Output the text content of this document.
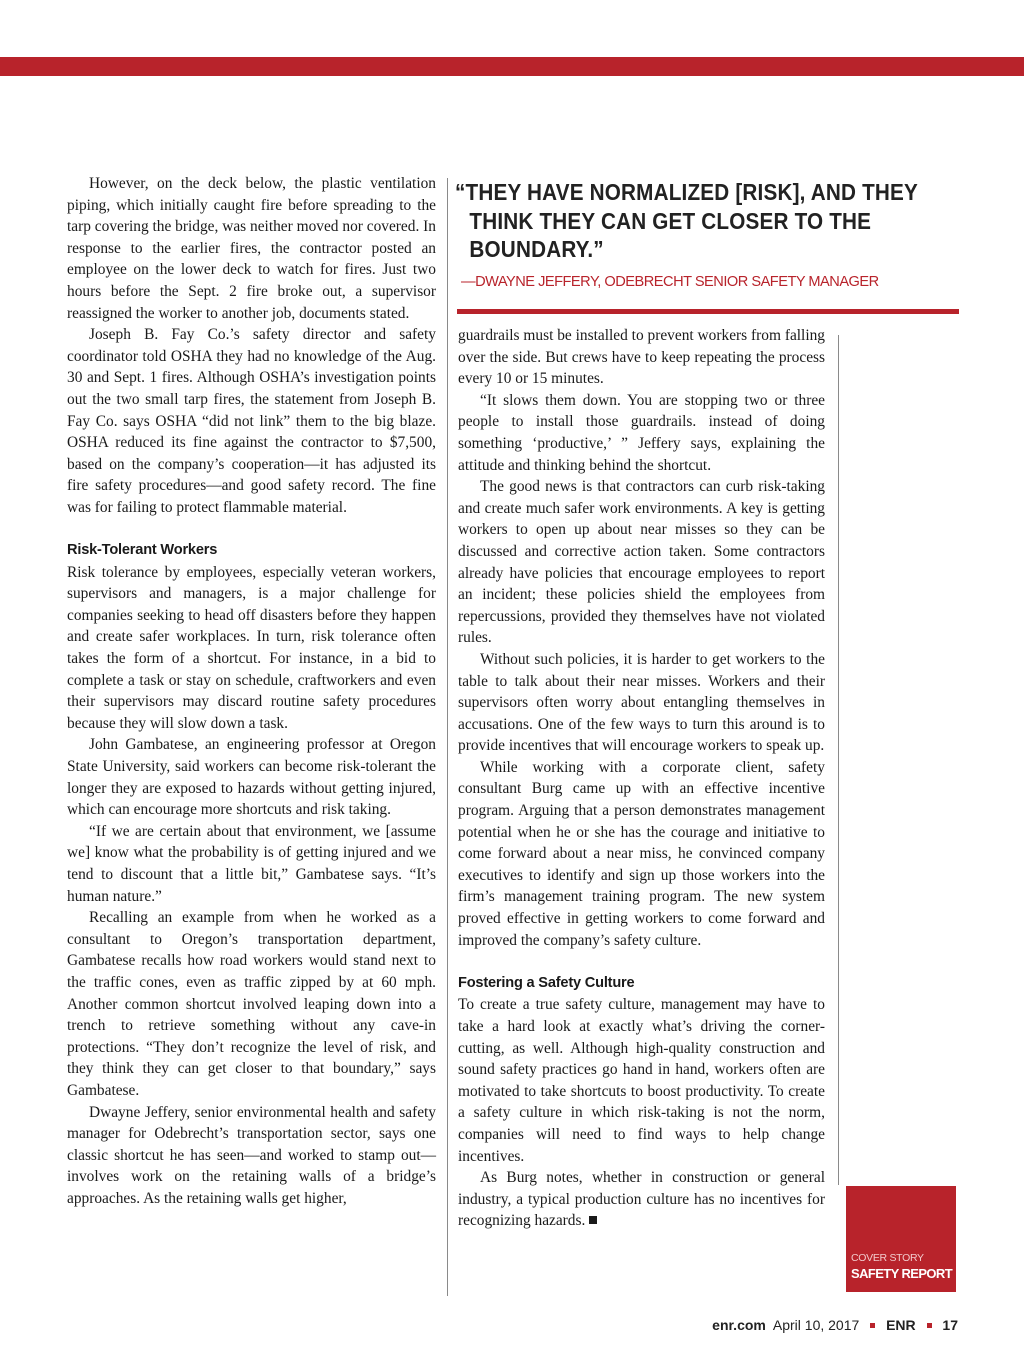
However, on the deck below, the plastic ventilation piping, which initially caught fire before spreading to the tarp covering the bridge, was neither moved nor covered. In response to the earlier fires, the contractor posted an employee on the lower deck to watch for fires. Just two hours before the Sept. 2 fire broke out, a supervisor reassigned the worker to another job, documents stated.

Joseph B. Fay Co.’s safety director and safety coordinator told OSHA they had no knowledge of the Aug. 30 and Sept. 1 fires. Although OSHA’s investigation points out the two small tarp fires, the statement from Joseph B. Fay Co. says OSHA “did not link” them to the big blaze. OSHA reduced its fine against the contractor to $7,500, based on the company’s cooperation—it has adjusted its fire safety procedures—and good safety record. The fine was for failing to protect flammable material.

Risk-Tolerant Workers

Risk tolerance by employees, especially veteran workers, supervisors and managers, is a major challenge for companies seeking to head off disasters before they happen and create safer workplaces. In turn, risk tolerance often takes the form of a shortcut. For instance, in a bid to complete a task or stay on schedule, craftworkers and even their supervisors may discard routine safety procedures because they will slow down a task.

John Gambatese, an engineering professor at Oregon State University, said workers can become risk-tolerant the longer they are exposed to hazards without getting injured, which can encourage more shortcuts and risk taking.

“If we are certain about that environment, we [assume we] know what the probability is of getting injured and we tend to discount that a little bit,” Gambatese says. “It’s human nature.”

Recalling an example from when he worked as a consultant to Oregon’s transportation department, Gambatese recalls how road workers would stand next to the traffic cones, even as traffic zipped by at 60 mph. Another common shortcut involved leaping down into a trench to retrieve something without any cave-in protections. “They don’t recognize the level of risk, and they think they can get closer to that boundary,” says Gambatese.

Dwayne Jeffery, senior environmental health and safety manager for Odebrecht’s transportation sector, says one classic shortcut he has seen—and worked to stamp out—involves work on the retaining walls of a bridge’s approaches. As the retaining walls get higher,

“THEY HAVE NORMALIZED [RISK], AND THEY THINK THEY CAN GET CLOSER TO THE BOUNDARY.”
—DWAYNE JEFFERY, ODEBRECHT SENIOR SAFETY MANAGER

guardrails must be installed to prevent workers from falling over the side. But crews have to keep repeating the process every 10 or 15 minutes.

“It slows them down. You are stopping two or three people to install those guardrails. instead of doing something ‘productive,’ ” Jeffery says, explaining the attitude and thinking behind the shortcut.

The good news is that contractors can curb risk-taking and create much safer work environments. A key is getting workers to open up about near misses so they can be discussed and corrective action taken. Some contractors already have policies that encourage employees to report an incident; these policies shield the employees from repercussions, provided they themselves have not violated rules.

Without such policies, it is harder to get workers to the table to talk about their near misses. Workers and their supervisors often worry about entangling themselves in accusations. One of the few ways to turn this around is to provide incentives that will encourage workers to speak up.

While working with a corporate client, safety consultant Burg came up with an effective incentive program. Arguing that a person demonstrates management potential when he or she has the courage and initiative to come forward about a near miss, he convinced company executives to identify and sign up those workers into the firm’s management training program. The new system proved effective in getting workers to come forward and improved the company’s safety culture.

Fostering a Safety Culture

To create a true safety culture, management may have to take a hard look at exactly what’s driving the corner-cutting, as well. Although high-quality construction and sound safety practices go hand in hand, workers often are motivated to take shortcuts to boost productivity. To create a safety culture in which risk-taking is not the norm, companies will need to find ways to help change incentives.

As Burg notes, whether in construction or general industry, a typical production culture has no incentives for recognizing hazards.

COVER STORY
SAFETY REPORT
enr.com April 10, 2017 ENR 17
